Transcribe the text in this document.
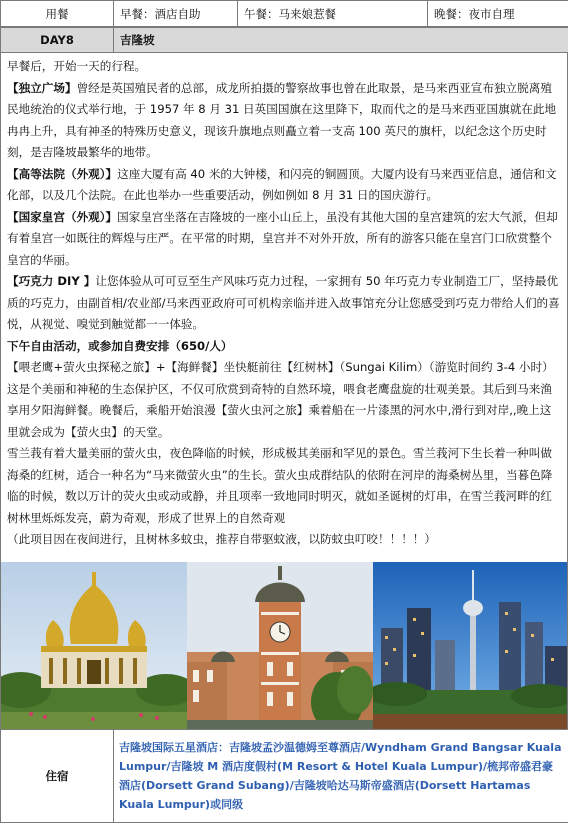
用餐	早餐：酒店自助	午餐：马来娘惹餐	晚餐：夜市自理
DAY8	吉隆坡

早餐后，开始一天的行程。

【独立广场】曾经是英国殖民者的总部，成龙所拍摄的警察故事也曾在此取景，是马来西亚宣布独立脱离殖民地统治的仪式举行地，于 1957 年 8 月 31 日英国国旗在这里降下，取而代之的是马来西亚国旗就在此地冉冉上升，具有神圣的特殊历史意义，现该升旗地点则矗立着一支高 100 英尺的旗杆，以纪念这个历史时刻，是吉隆坡最繁华的地带。

【高等法院（外观）】这座大厦有高 40 米的大钟楼，和闪亮的铜圆顶。大厦内设有马来西亚信息，通信和文化部，以及几个法院。在此也举办一些重要活动，例如例如 8 月 31 日的国庆游行。

【国家皇宫（外观）】国家皇宫坐落在吉隆坡的一座小山丘上，虽没有其他大国的皇宫建筑的宏大气派，但却有着皇宫一如既往的辉煌与庄严。在平常的时期，皇宫并不对外开放，所有的游客只能在皇宫门口欣赏整个皇宫的华丽。

【巧克力 DIY 】让您体验从可可豆至生产风味巧克力过程，一家拥有 50 年巧克力专业制造工厂，坚持最优质的巧克力，由副首相/农业部/马来西亚政府可可机构亲临并进入故事馆充分让您感受到巧克力带给人们的喜悦，从视觉、嗅觉到触觉都一一体验。

下午自由活动，或参加自费安排（650/人）

【喂老鹰+萤火虫探秘之旅】+【海鲜餐】坐快艇前往【红树林】（Sungai Kilim）（游览时间约 3-4 小时）这是个美丽和神秘的生态保护区，不仅可欣赏到奇特的自然环境，喂食老鹰盘旋的壮观美景。其后到马来渔享用夕阳海鲜餐。晚餐后，乘船开始浪漫【萤火虫河之旅】乘着船在一片漆黑的河水中,滑行到对岸,,晚上这里就会成为【萤火虫】的天堂。

雪兰莪有着大量美丽的萤火虫，夜色降临的时候，形成极其美丽和罕见的景色。雪兰莪河下生长着一种叫做海桑的红树，适合一种名为“马来微萤火虫”的生长。萤火虫成群结队的依附在河岸的海桑树丛里，当暮色降临的时候，数以万计的荧火虫或动或静，并且项率一致地同时明灭，就如圣诞树的灯串，在雪兰莪河畔的红树林里烁烁发亮，蔚为奇观，形成了世界上的自然奇观

（此项目因在夜间进行，且树林多蚊虫，推荐自带驱蚊液，以防蚊虫叮咬！！！！）

住宿	吉隆坡国际五星酒店：吉隆坡孟沙温德姆至尊酒店/Wyndham Grand Bangsar Kuala Lumpur/吉隆坡 M 酒店度假村(M Resort & Hotel Kuala Lumpur)/梳邦帝盛君豪酒店(Dorsett Grand Subang)/吉隆坡哈达马斯帝盛酒店(Dorsett Hartamas Kuala Lumpur)或同级
